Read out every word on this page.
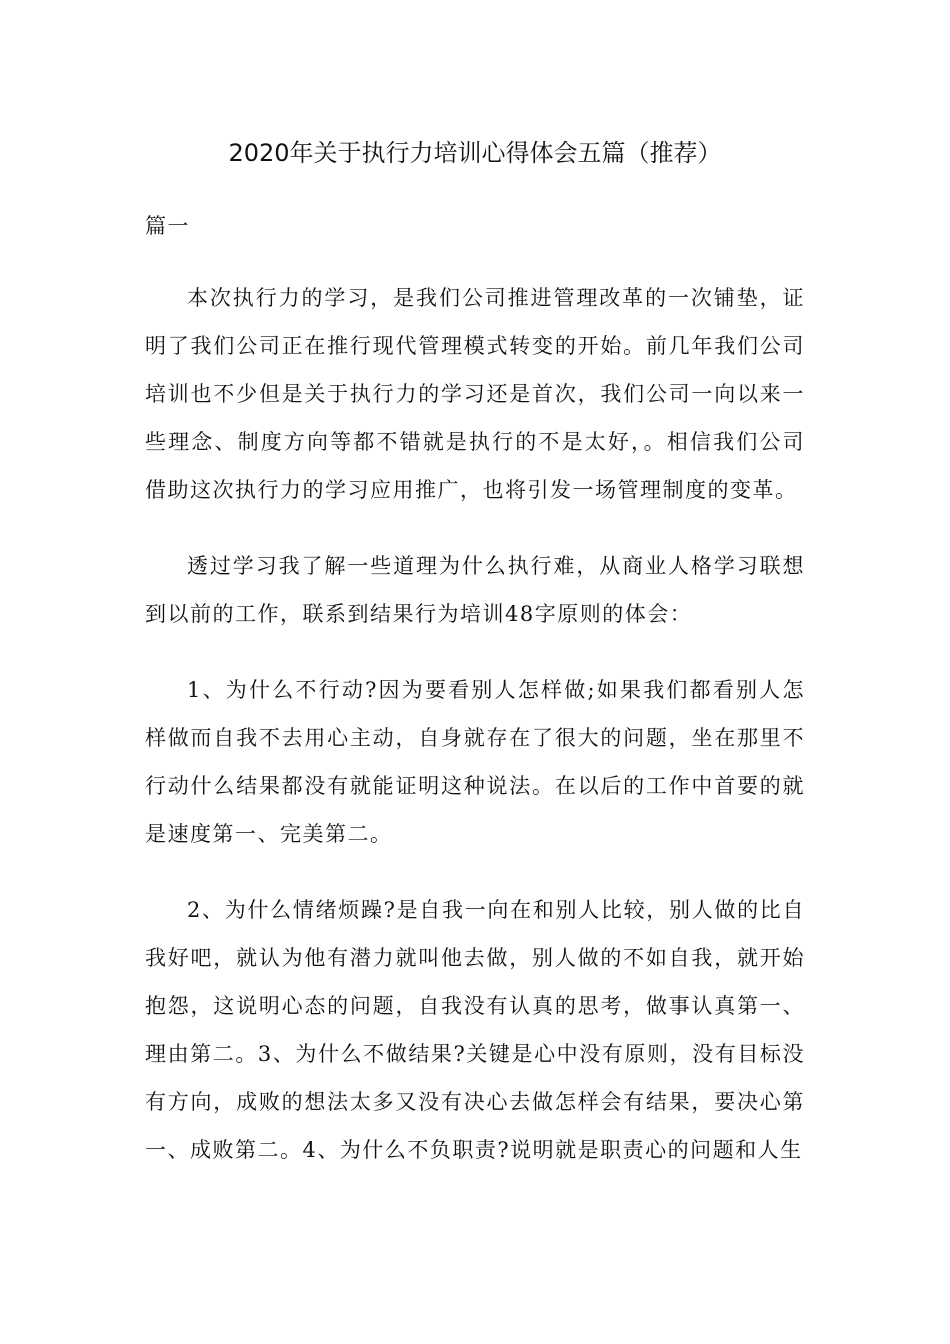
2020年关于执行力培训心得体会五篇（推荐）

篇一

本次执行力的学习，是我们公司推进管理改革的一次铺垫，证明了我们公司正在推行现代管理模式转变的开始。前几年我们公司培训也不少但是关于执行力的学习还是首次，我们公司一向以来一些理念、制度方向等都不错就是执行的不是太好，。相信我们公司借助这次执行力的学习应用推广，也将引发一场管理制度的变革。

透过学习我了解一些道理为什么执行难，从商业人格学习联想到以前的工作，联系到结果行为培训48字原则的体会：

1、为什么不行动?因为要看别人怎样做;如果我们都看别人怎样做而自我不去用心主动，自身就存在了很大的问题，坐在那里不行动什么结果都没有就能证明这种说法。在以后的工作中首要的就是速度第一、完美第二。

2、为什么情绪烦躁?是自我一向在和别人比较，别人做的比自我好吧，就认为他有潜力就叫他去做，别人做的不如自我，就开始抱怨，这说明心态的问题，自我没有认真的思考，做事认真第一、理由第二。3、为什么不做结果?关键是心中没有原则，没有目标没有方向，成败的想法太多又没有决心去做怎样会有结果，要决心第一、成败第二。4、为什么不负职责?说明就是职责心的问题和人生
